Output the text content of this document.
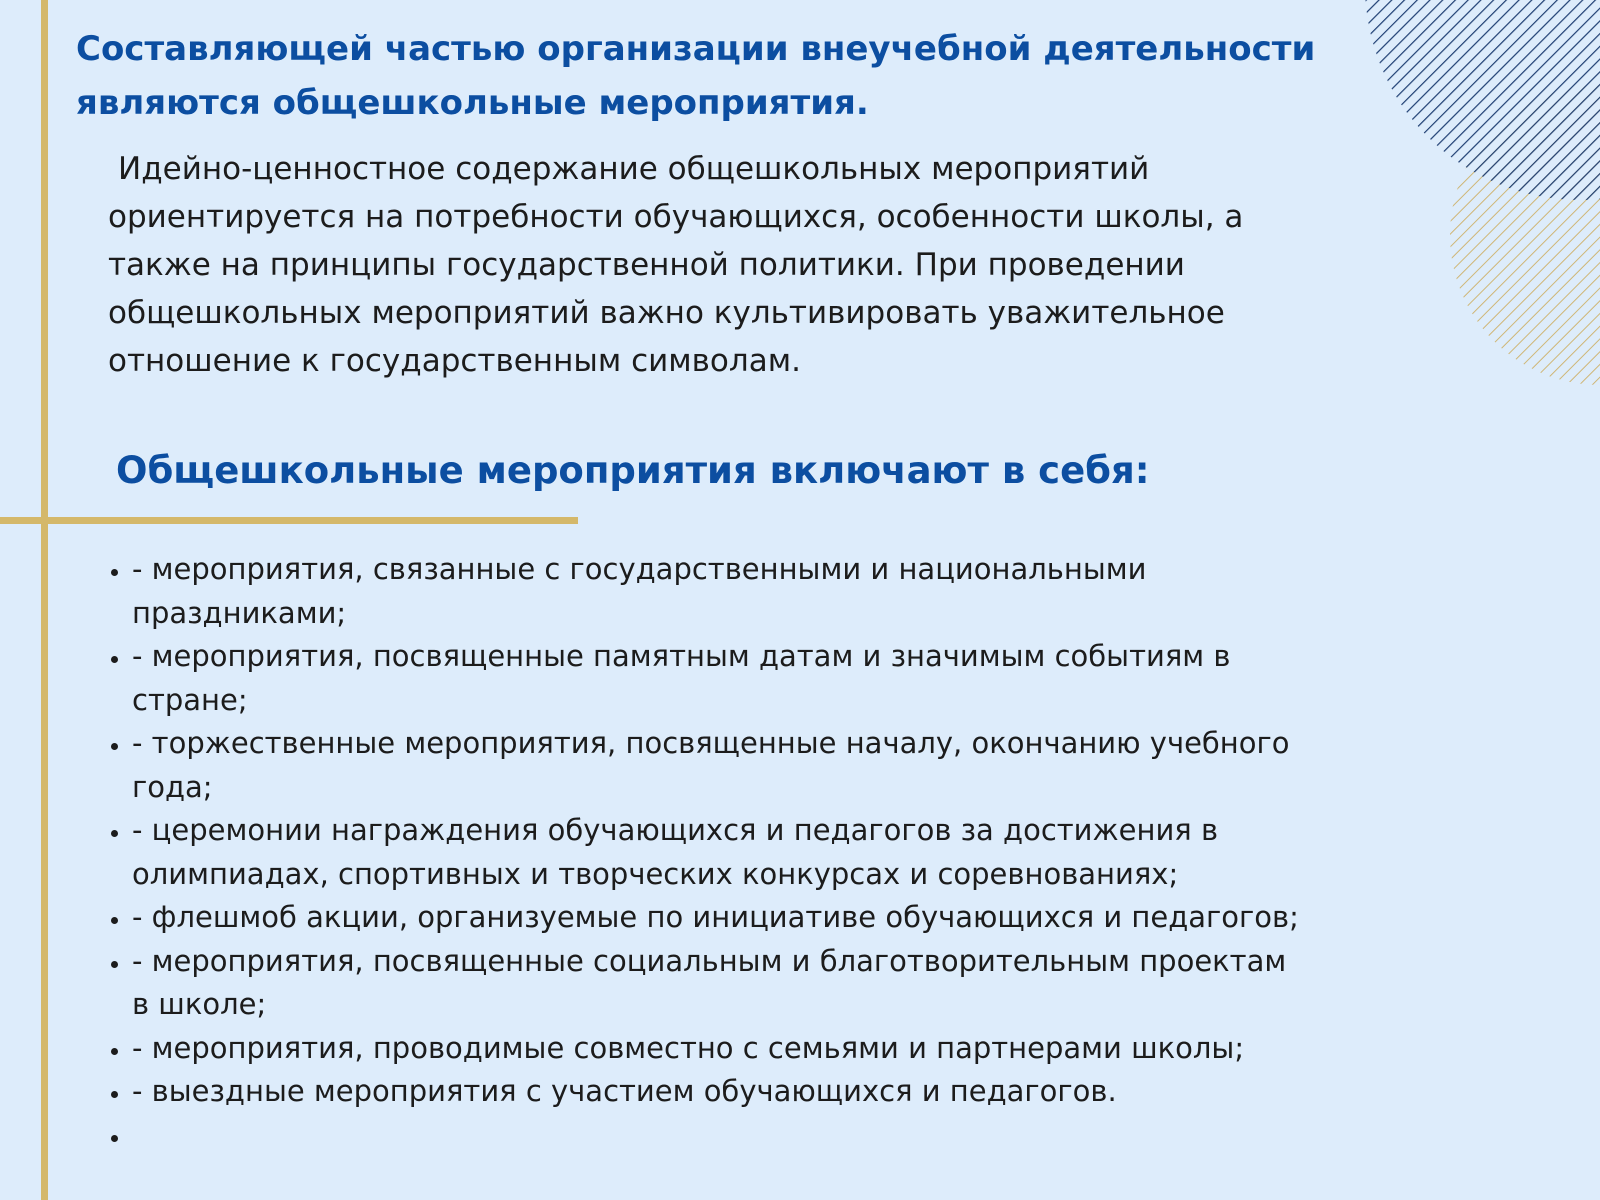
Составляющей частью организации внеучебной деятельности являются общешкольные мероприятия.

Идейно-ценностное содержание общешкольных мероприятий ориентируется на потребности обучающихся, особенности школы, а также на принципы государственной политики. При проведении общешкольных мероприятий важно культивировать уважительное отношение к государственным символам.

Общешкольные мероприятия включают в себя:
• - мероприятия, связанные с государственными и национальными праздниками;
• - мероприятия, посвященные памятным датам и значимым событиям в стране;
• - торжественные мероприятия, посвященные началу, окончанию учебного года;
• - церемонии награждения обучающихся и педагогов за достижения в олимпиадах, спортивных и творческих конкурсах и соревнованиях;
• - флешмоб акции, организуемые по инициативе обучающихся и педагогов;
• - мероприятия, посвященные социальным и благотворительным проектам в школе;
• - мероприятия, проводимые совместно с семьями и партнерами школы;
• - выездные мероприятия с участием обучающихся и педагогов.
•
